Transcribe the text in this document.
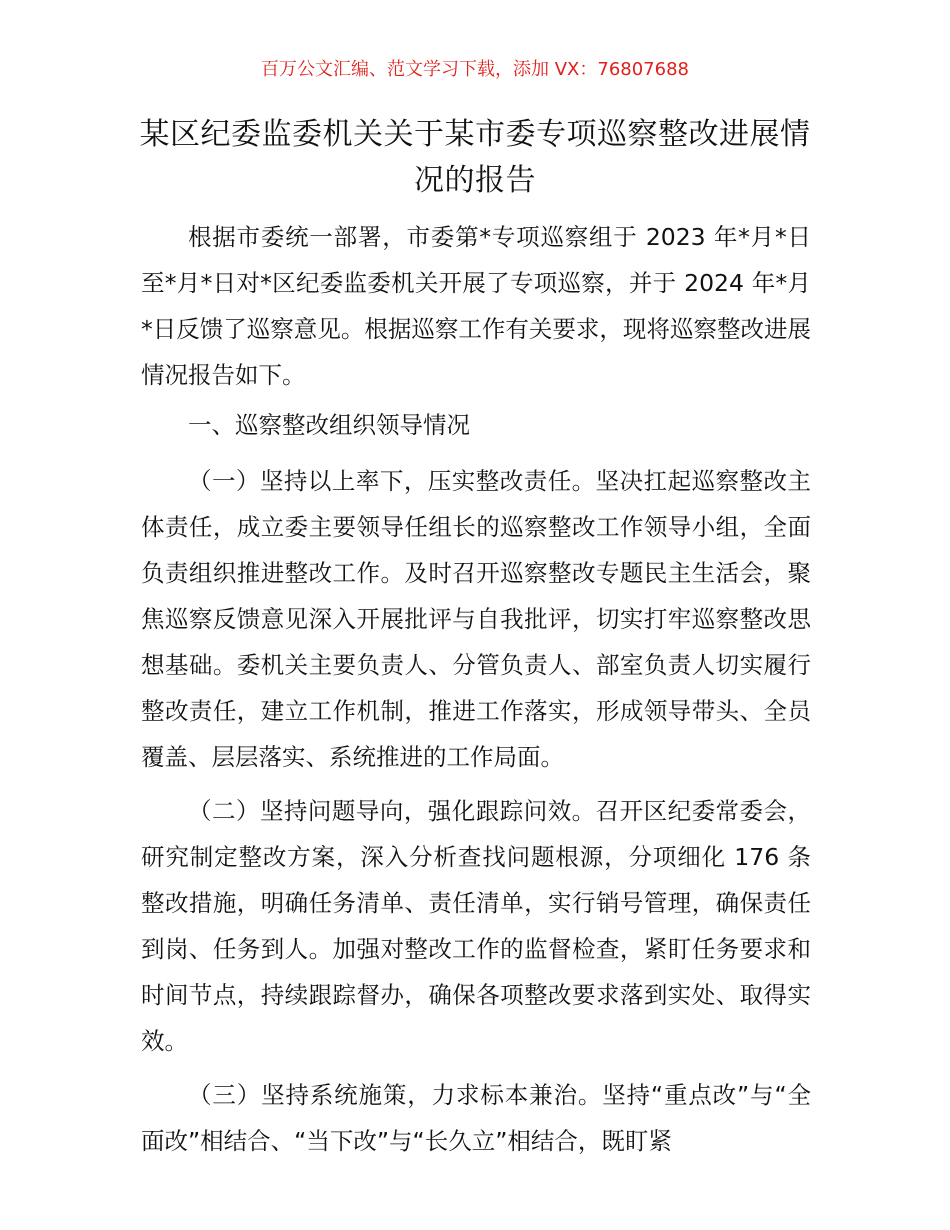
百万公文汇编、范文学习下载，添加 VX：76807688
某区纪委监委机关关于某市委专项巡察整改进展情况的报告

根据市委统一部署，市委第*专项巡察组于 2023 年*月*日至*月*日对*区纪委监委机关开展了专项巡察，并于 2024 年*月*日反馈了巡察意见。根据巡察工作有关要求，现将巡察整改进展情况报告如下。

一、巡察整改组织领导情况

（一）坚持以上率下，压实整改责任。坚决扛起巡察整改主体责任，成立委主要领导任组长的巡察整改工作领导小组，全面负责组织推进整改工作。及时召开巡察整改专题民主生活会，聚焦巡察反馈意见深入开展批评与自我批评，切实打牢巡察整改思想基础。委机关主要负责人、分管负责人、部室负责人切实履行整改责任，建立工作机制，推进工作落实，形成领导带头、全员覆盖、层层落实、系统推进的工作局面。

（二）坚持问题导向，强化跟踪问效。召开区纪委常委会，研究制定整改方案，深入分析查找问题根源，分项细化 176 条整改措施，明确任务清单、责任清单，实行销号管理，确保责任到岗、任务到人。加强对整改工作的监督检查，紧盯任务要求和时间节点，持续跟踪督办，确保各项整改要求落到实处、取得实效。

（三）坚持系统施策，力求标本兼治。坚持“重点改”与“全面改”相结合、“当下改”与“长久立”相结合，既盯紧
